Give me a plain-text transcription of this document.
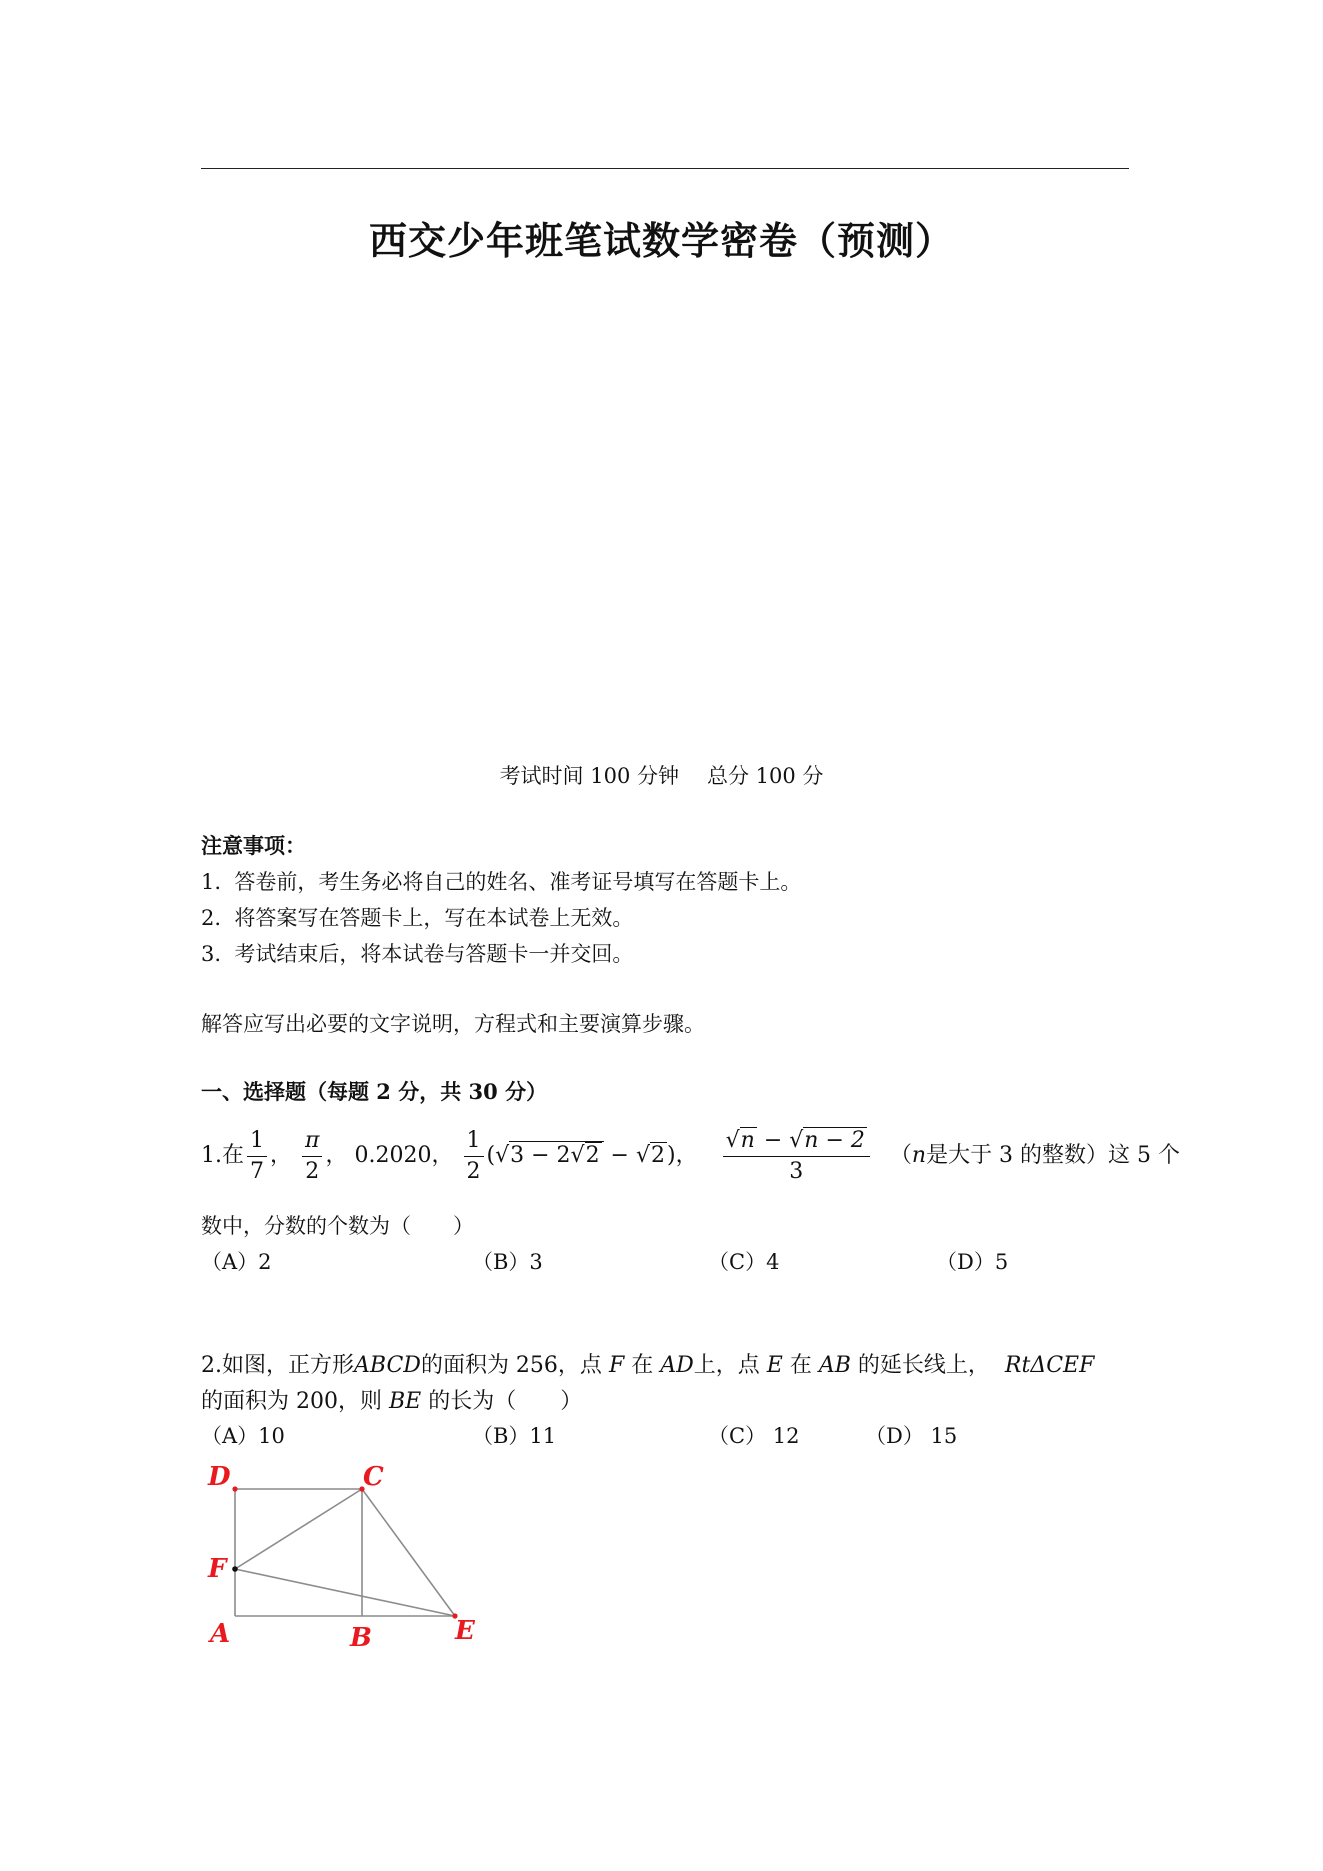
西交少年班笔试数学密卷（预测）
考试时间 100 分钟 总分 100 分
注意事项：
1. 答卷前，考生务必将自己的姓名、准考证号填写在答题卡上。
2. 将答案写在答题卡上，写在本试卷上无效。
3. 考试结束后，将本试卷与答题卡一并交回。
解答应写出必要的文字说明，方程式和主要演算步骤。
一、选择题（每题 2 分，共 30 分）
1.在 $\frac{1}{7}$ ， $\frac{\pi}{2}$ ， 0.2020， $\frac{1}{2} (√3 - 2√2 - √2)$， $\frac{√n - √n - 2}{3} (n$是大于 3 的整数）这 5 个
数中，分数的个数为（　　）
（A）2	（B）3	（C）4	（D）5
2.如图，正方形ABCD的面积为 256，点 F 在 AD上，点 E 在 AB 的延长线上， RtΔCEF
的面积为 200，则 BE 的长为（　　）
（A）10	（B）11	（C） 12	（D） 15
D	C
F
A	B	E
